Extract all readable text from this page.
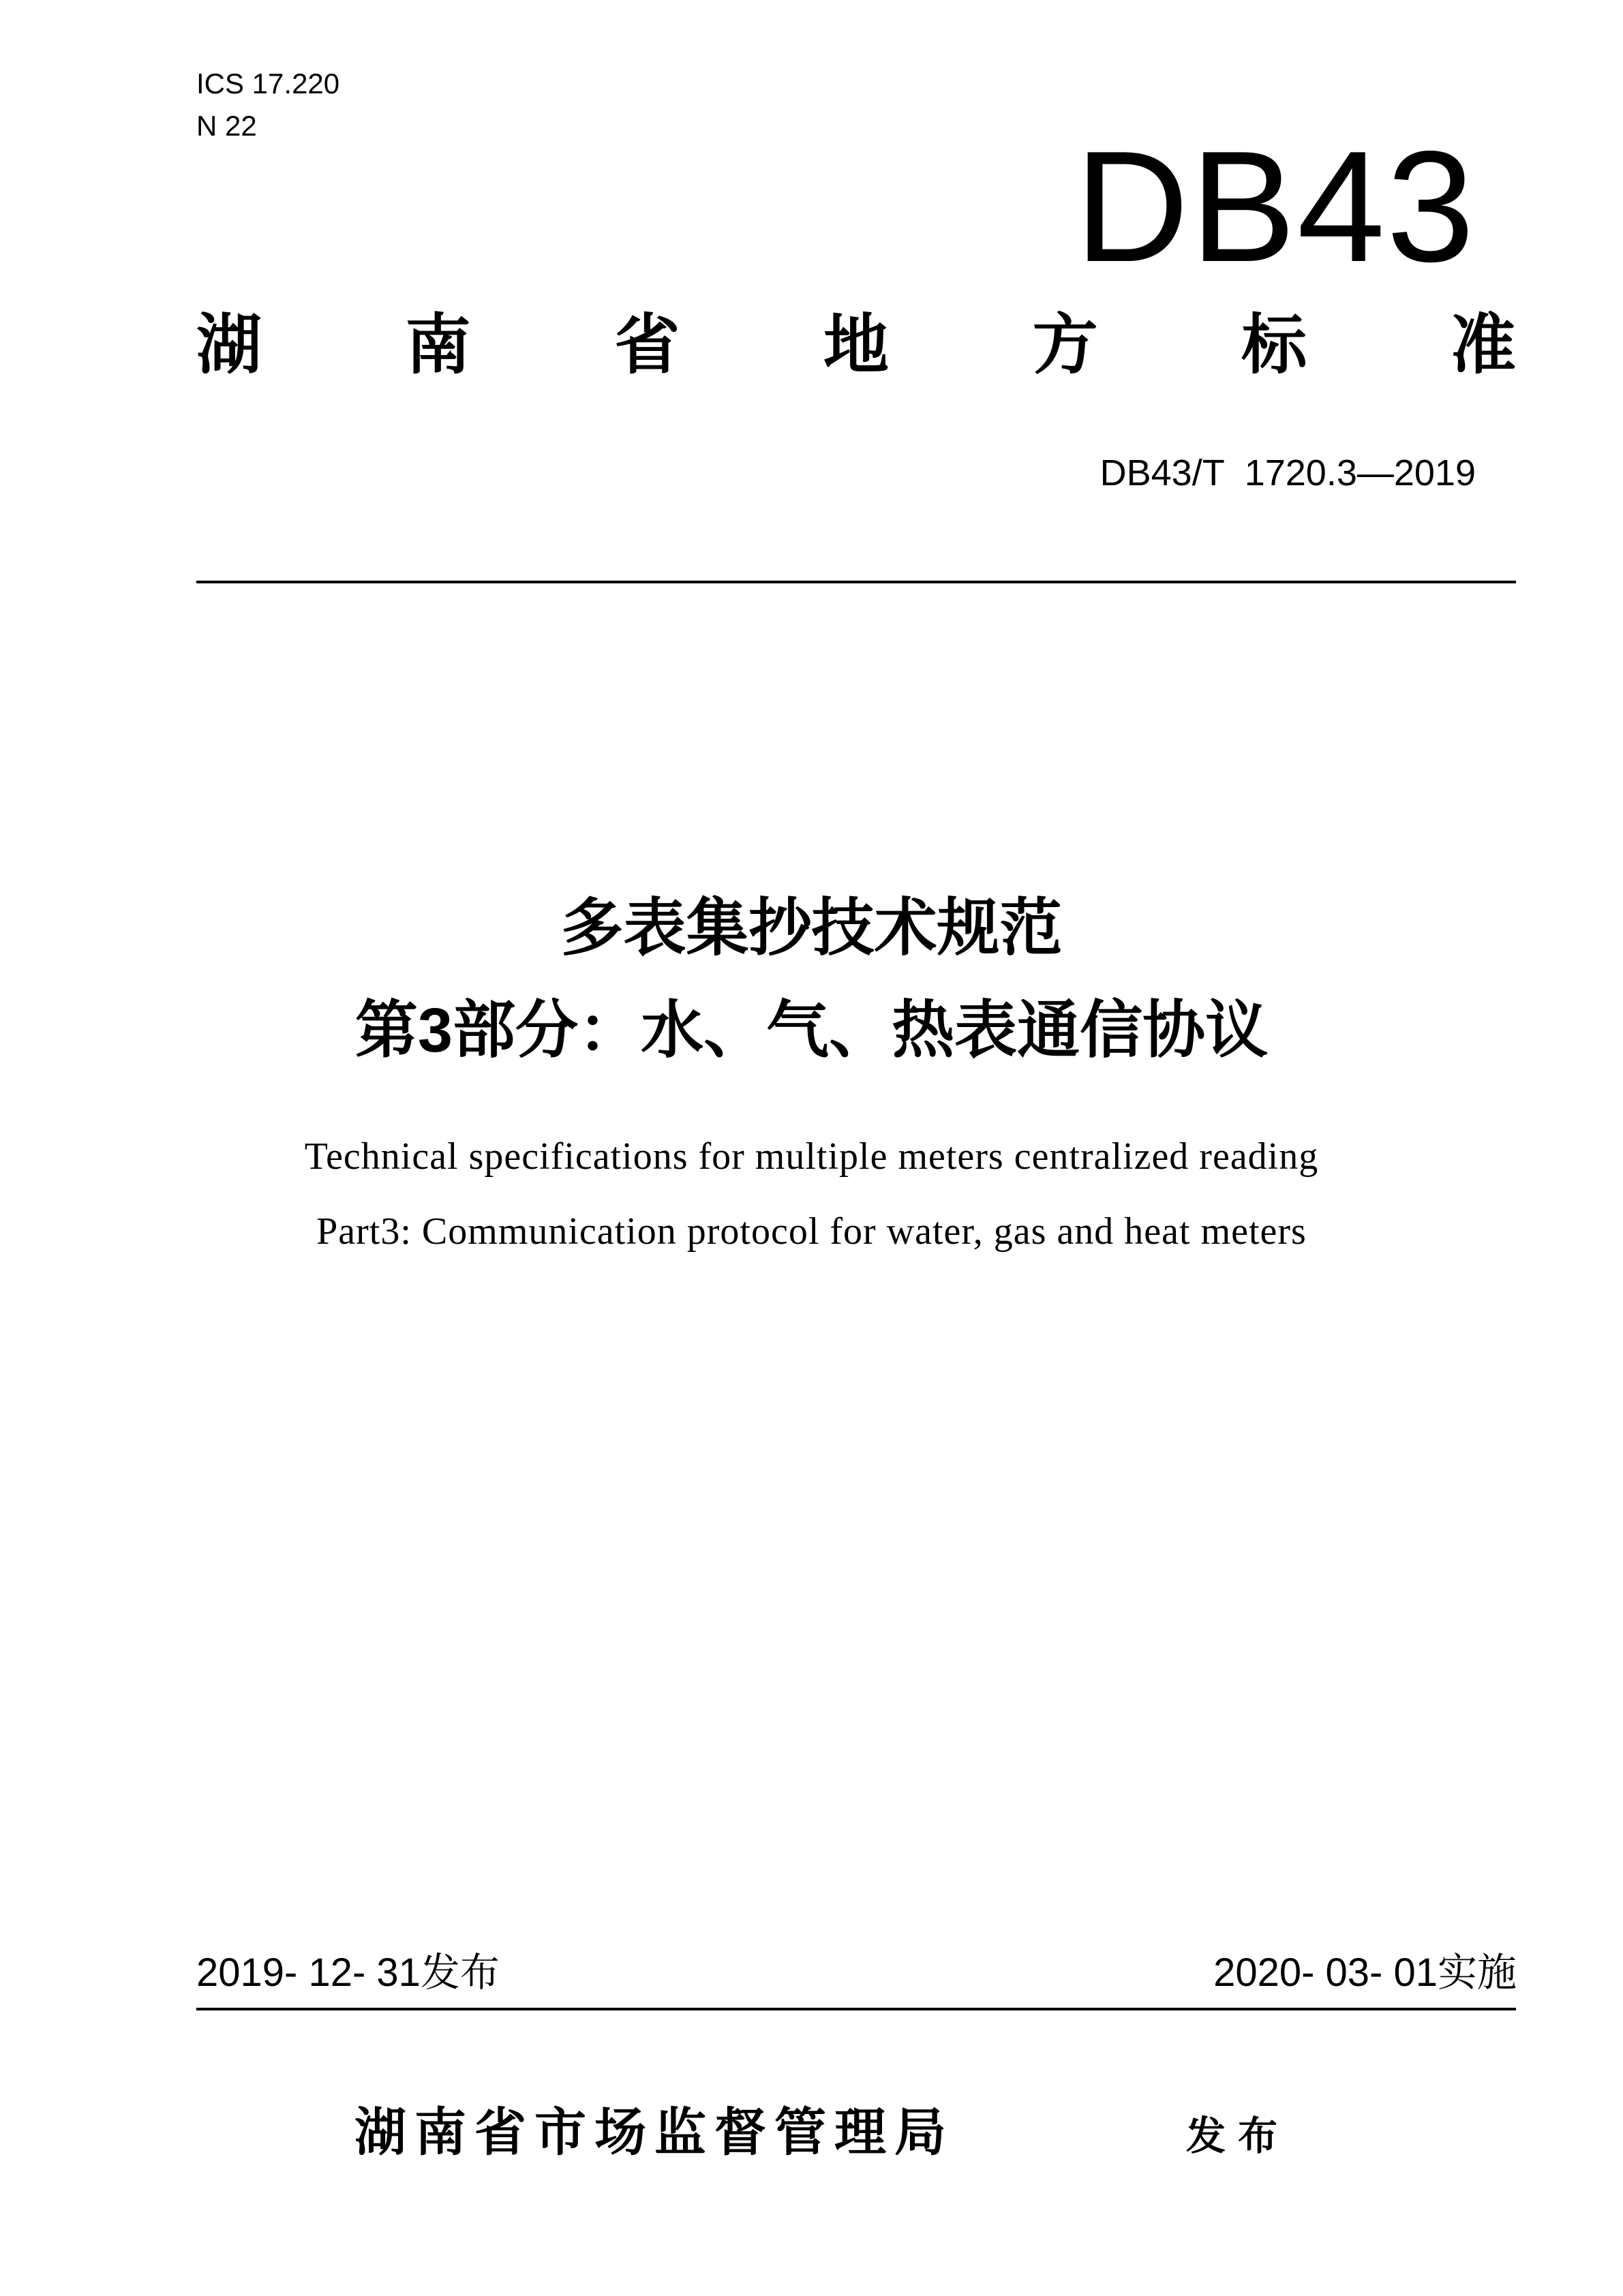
ICS 17.220
N 22	DB43
湖 南 省 地 方 标 准
DB43/T  1720.3—2019
多表集抄技术规范
第3部分：水、气、热表通信协议
Technical specifications for multiple meters centralized reading
Part3: Communication protocol for water, gas and heat meters
2019- 12- 31发布	2020- 03- 01实施
湖南省市场监督管理局	发布
